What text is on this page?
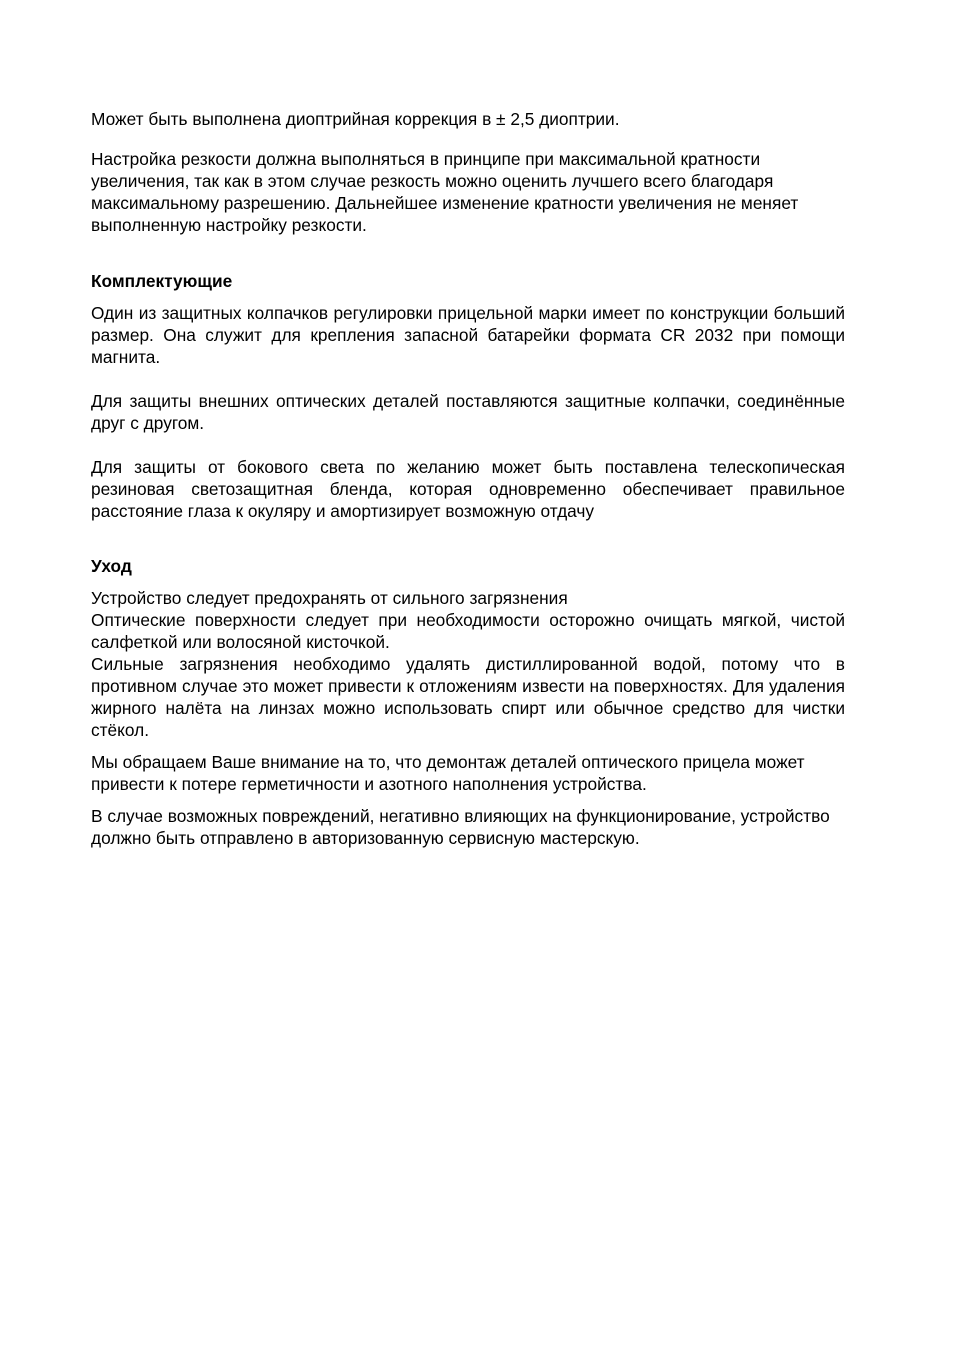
Может быть выполнена диоптрийная коррекция в ± 2,5 диоптрии.

Настройка резкости должна выполняться в принципе при максимальной кратности увеличения, так как в этом случае резкость можно оценить лучшего всего благодаря максимальному разрешению. Дальнейшее изменение кратности увеличения не меняет выполненную настройку резкости.

Комплектующие

Один из защитных колпачков регулировки прицельной марки имеет по конструкции больший размер. Она служит для крепления запасной батарейки формата CR 2032 при помощи магнита.

Для защиты внешних оптических деталей поставляются защитные колпачки, соединённые друг с другом.

Для защиты от бокового света по желанию может быть поставлена телескопическая резиновая светозащитная бленда, которая одновременно обеспечивает правильное расстояние глаза к окуляру и амортизирует возможную отдачу

Уход

Устройство следует предохранять от сильного загрязнения

Оптические поверхности следует при необходимости осторожно очищать мягкой, чистой салфеткой или волосяной кисточкой.

Сильные загрязнения необходимо удалять дистиллированной водой, потому что в противном случае это может привести к отложениям извести на поверхностях. Для удаления жирного налёта на линзах можно использовать спирт или обычное средство для чистки стёкол.

Мы обращаем Ваше внимание на то, что демонтаж деталей оптического прицела может привести к потере герметичности и азотного наполнения устройства.

В случае возможных повреждений, негативно влияющих на функционирование, устройство должно быть отправлено в авторизованную сервисную мастерскую.
